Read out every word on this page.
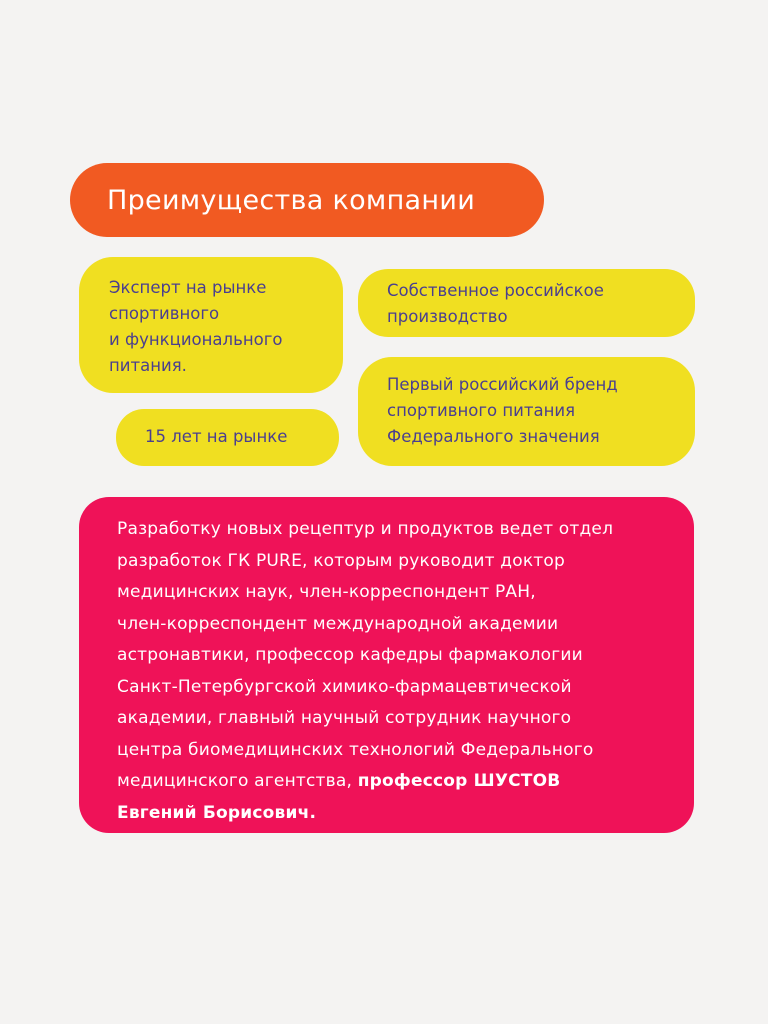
Преимущества компании
Эксперт на рынке
спортивного
и функционального
питания.
15 лет на рынке
Собственное российское
производство
Первый российский бренд
спортивного питания
Федерального значения
Разработку новых рецептур и продуктов ведет отдел
разработок ГК PURE, которым руководит доктор
медицинских наук, член-корреспондент РАН,
член-корреспондент международной академии
астронавтики, профессор кафедры фармакологии
Санкт-Петербургской химико-фармацевтической
академии, главный научный сотрудник научного
центра биомедицинских технологий Федерального
медицинского агентства, профессор ШУСТОВ
Евгений Борисович.
